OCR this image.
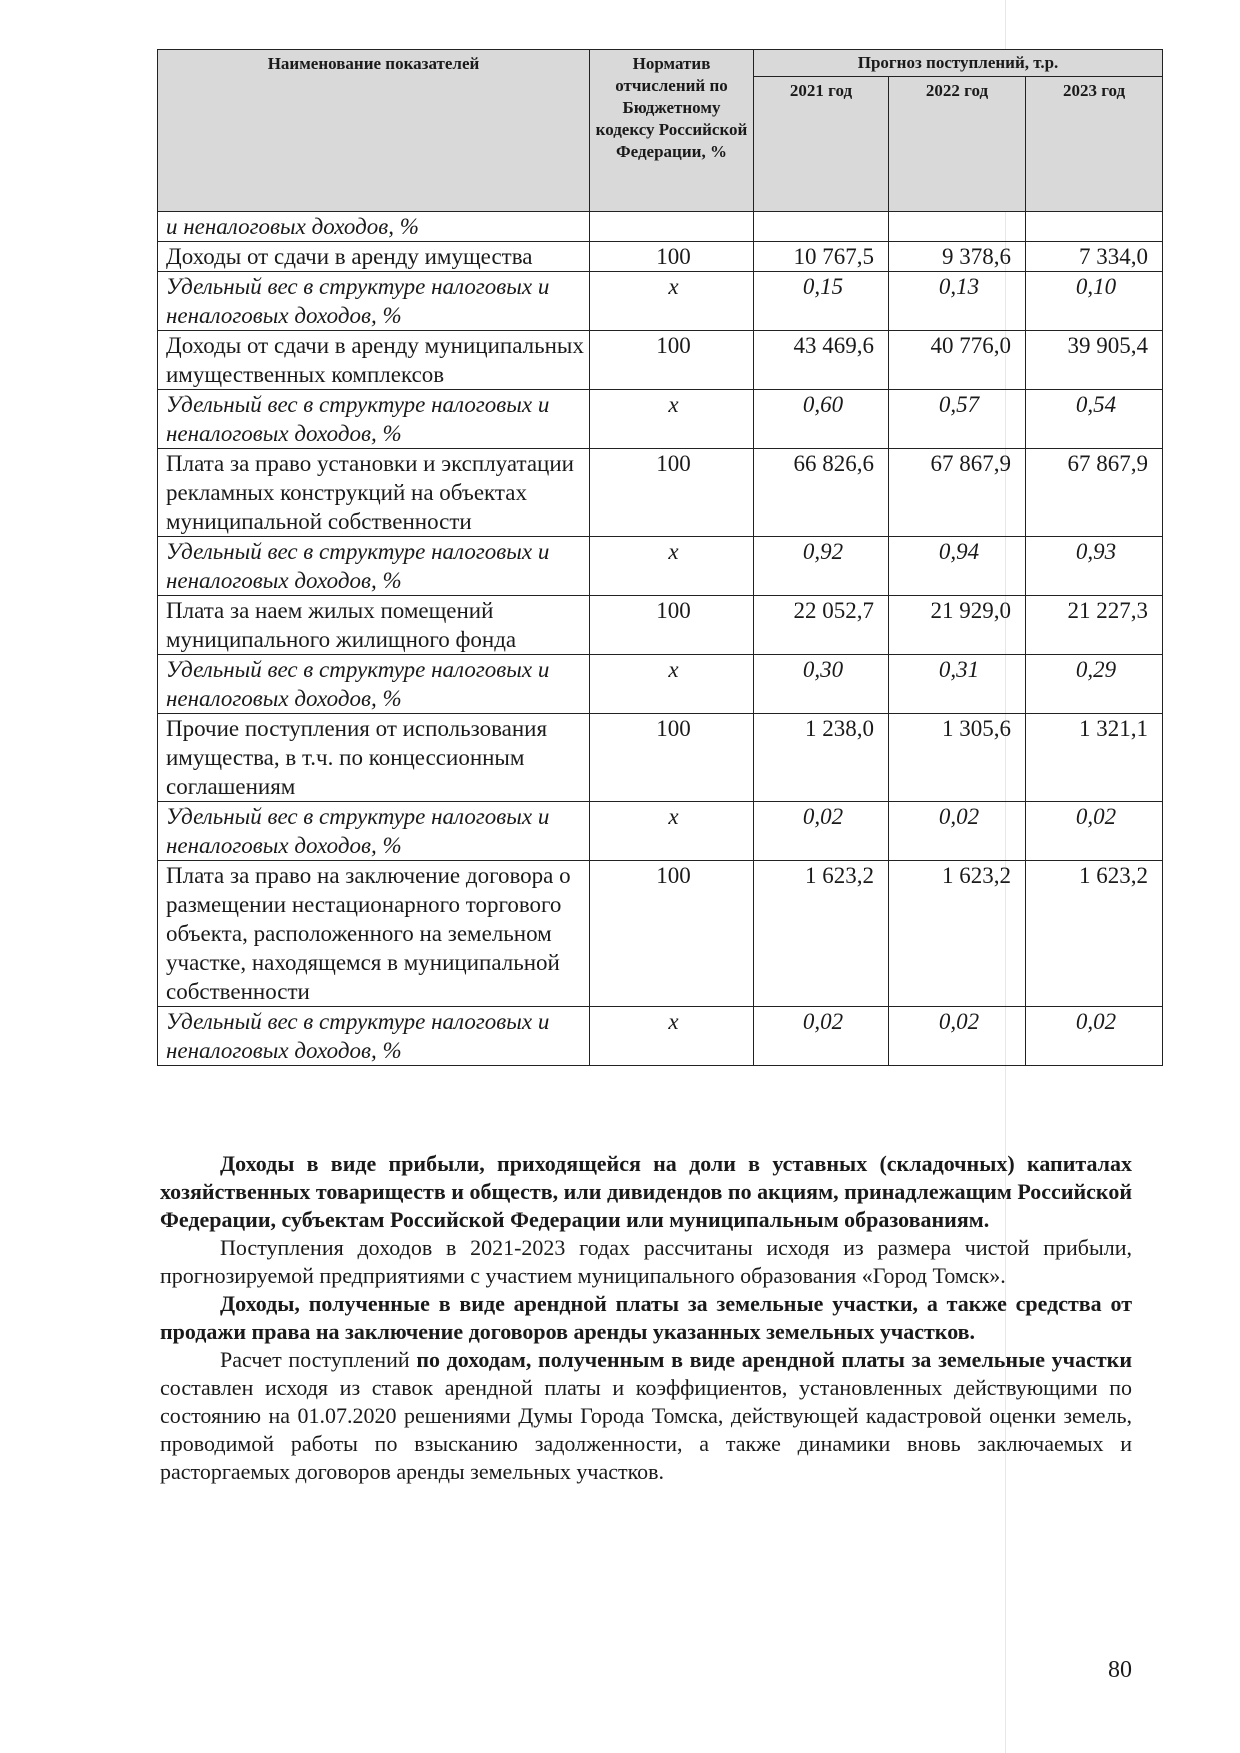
Наименование показателей	Норматив отчислений по Бюджетному кодексу Российской Федерации, %	Прогноз поступлений, т.р.		
		2021 год	2022 год	2023 год
и неналоговых доходов, %				
Доходы от сдачи в аренду имущества	100	10 767,5	9 378,6	7 334,0
Удельный вес в структуре налоговых и неналоговых доходов, %	х	0,15	0,13	0,10
Доходы от сдачи в аренду муниципальных имущественных комплексов	100	43 469,6	40 776,0	39 905,4
Удельный вес в структуре налоговых и неналоговых доходов, %	х	0,60	0,57	0,54
Плата за право установки и эксплуатации рекламных конструкций на объектах муниципальной собственности	100	66 826,6	67 867,9	67 867,9
Удельный вес в структуре налоговых и неналоговых доходов, %	х	0,92	0,94	0,93
Плата за наем жилых помещений муниципального жилищного фонда	100	22 052,7	21 929,0	21 227,3
Удельный вес в структуре налоговых и неналоговых доходов, %	х	0,30	0,31	0,29
Прочие поступления от использования имущества, в т.ч. по концессионным соглашениям	100	1 238,0	1 305,6	1 321,1
Удельный вес в структуре налоговых и неналоговых доходов, %	х	0,02	0,02	0,02
Плата за право на заключение договора о размещении нестационарного торгового объекта, расположенного на земельном участке, находящемся в муниципальной собственности	100	1 623,2	1 623,2	1 623,2
Удельный вес в структуре налоговых и неналоговых доходов, %	х	0,02	0,02	0,02

Доходы в виде прибыли, приходящейся на доли в уставных (складочных) капиталах хозяйственных товариществ и обществ, или дивидендов по акциям, принадлежащим Российской Федерации, субъектам Российской Федерации или муниципальным образованиям.

Поступления доходов в 2021-2023 годах рассчитаны исходя из размера чистой прибыли, прогнозируемой предприятиями с участием муниципального образования «Город Томск».

Доходы, полученные в виде арендной платы за земельные участки, а также средства от продажи права на заключение договоров аренды указанных земельных участков.

Расчет поступлений по доходам, полученным в виде арендной платы за земельные участки составлен исходя из ставок арендной платы и коэффициентов, установленных действующими по состоянию на 01.07.2020 решениями Думы Города Томска, действующей кадастровой оценки земель, проводимой работы по взысканию задолженности, а также динамики вновь заключаемых и расторгаемых договоров аренды земельных участков.

80
